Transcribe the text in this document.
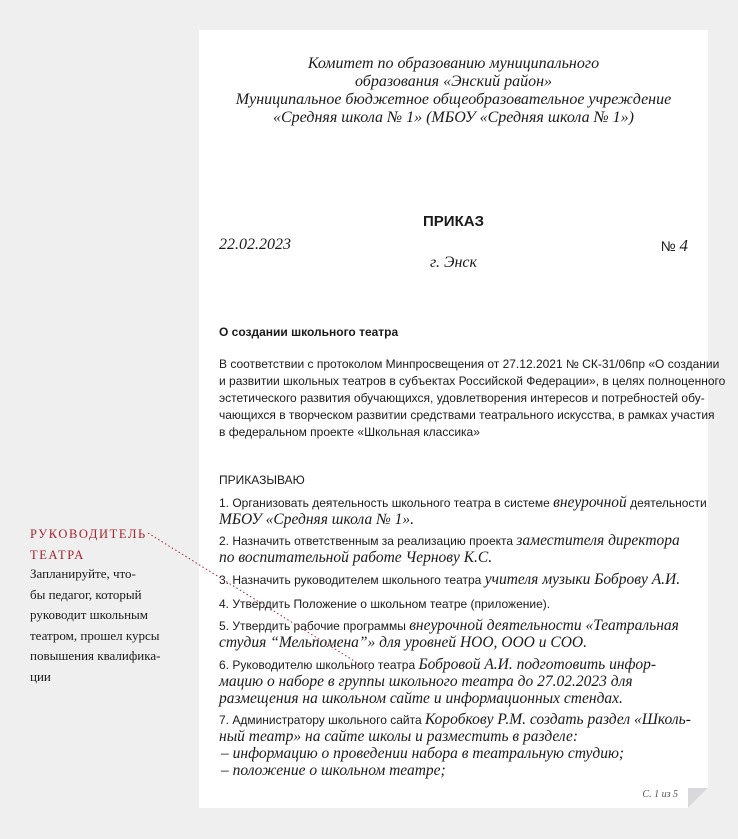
Комитет по образованию муниципального
образования «Энский район»
Муниципальное бюджетное общеобразовательное учреждение
«Средняя школа № 1» (МБОУ «Средняя школа № 1»)
ПРИКАЗ
22.02.2023	№ 4
г. Энск
О создании школьного театра
В соответствии с протоколом Минпросвещения от 27.12.2021 № СК-31/06пр «О создании
и развитии школьных театров в субъектах Российской Федерации», в целях полноценного
эстетического развития обучающихся, удовлетворения интересов и потребностей обу-
чающихся в творческом развитии средствами театрального искусства, в рамках участия
в федеральном проекте «Школьная классика»
ПРИКАЗЫВАЮ
1. Организовать деятельность школьного театра в системе внеурочной деятельности
МБОУ «Средняя школа № 1».
2. Назначить ответственным за реализацию проекта заместителя директора
по воспитательной работе Чернову К.С.
3. Назначить руководителем школьного театра учителя музыки Боброву А.И.
4. Утвердить Положение о школьном театре (приложение).
5. Утвердить рабочие программы внеурочной деятельности «Театральная
студия “Мельпомена”» для уровней НОО, ООО и СОО.
6. Руководителю школьного театра Бобровой А.И. подготовить инфор-
мацию о наборе в группы школьного театра до 27.02.2023 для
размещения на школьном сайте и информационных стендах.
7. Администратору школьного сайта Коробкову Р.М. создать раздел «Школь-
ный театр» на сайте школы и разместить в разделе:
– информацию о проведении набора в театральную студию;
– положение о школьном театре;
С. 1 из 5
РУКОВОДИТЕЛЬ
ТЕАТРА
Запланируйте, что-
бы педагог, который
руководит школьным
театром, прошел курсы
повышения квалифика-
ции
